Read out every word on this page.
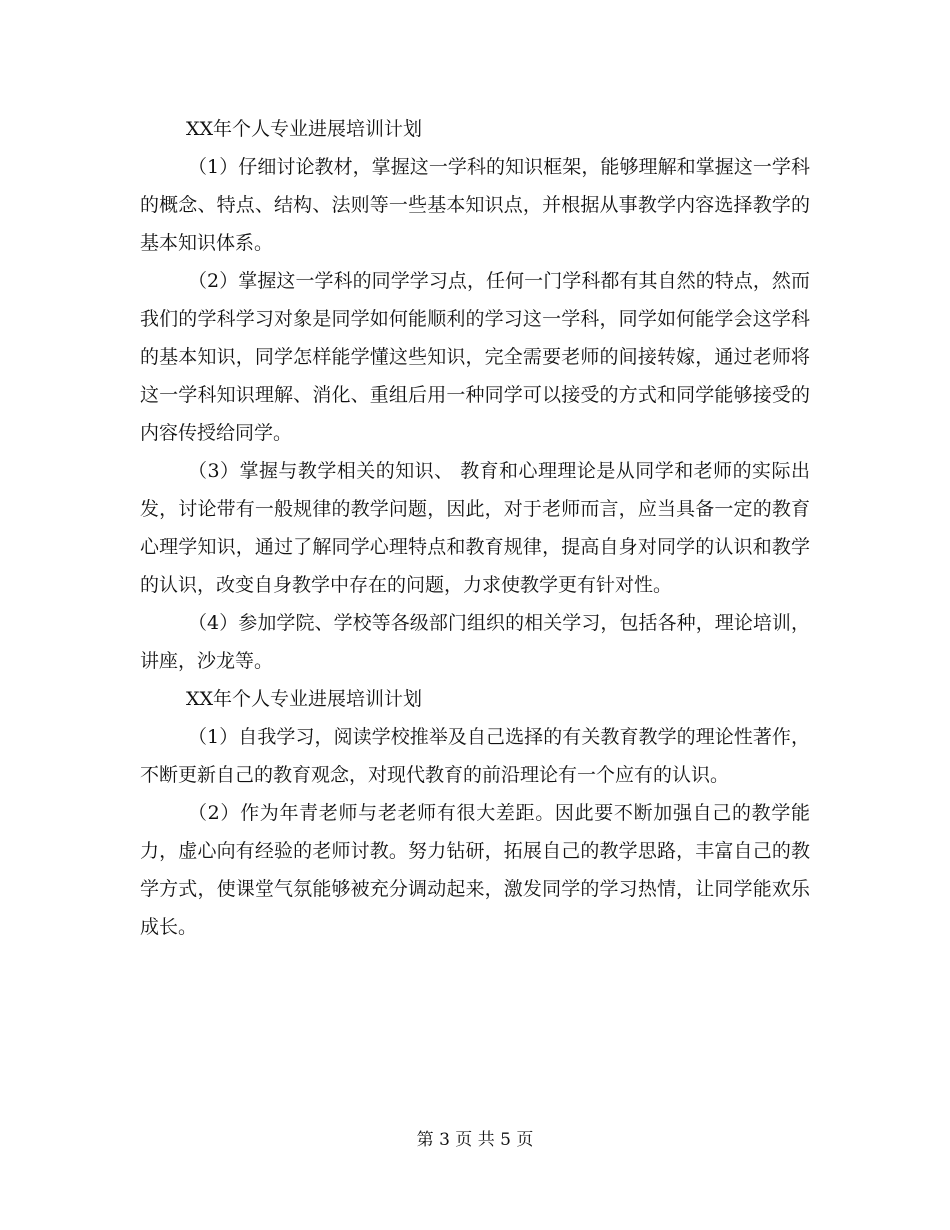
XX年个人专业进展培训计划

（1）仔细讨论教材，掌握这一学科的知识框架，能够理解和掌握这一学科的概念、特点、结构、法则等一些基本知识点，并根据从事教学内容选择教学的基本知识体系。

（2）掌握这一学科的同学学习点，任何一门学科都有其自然的特点，然而我们的学科学习对象是同学如何能顺利的学习这一学科，同学如何能学会这学科的基本知识，同学怎样能学懂这些知识，完全需要老师的间接转嫁，通过老师将这一学科知识理解、消化、重组后用一种同学可以接受的方式和同学能够接受的内容传授给同学。

（3）掌握与教学相关的知识、 教育和心理理论是从同学和老师的实际出发，讨论带有一般规律的教学问题，因此，对于老师而言，应当具备一定的教育心理学知识，通过了解同学心理特点和教育规律，提高自身对同学的认识和教学的认识，改变自身教学中存在的问题，力求使教学更有针对性。

（4）参加学院、学校等各级部门组织的相关学习，包括各种，理论培训，讲座，沙龙等。

XX年个人专业进展培训计划

（1）自我学习，阅读学校推举及自己选择的有关教育教学的理论性著作，不断更新自己的教育观念，对现代教育的前沿理论有一个应有的认识。

（2）作为年青老师与老老师有很大差距。因此要不断加强自己的教学能力，虚心向有经验的老师讨教。努力钻研，拓展自己的教学思路，丰富自己的教学方式，使课堂气氛能够被充分调动起来，激发同学的学习热情，让同学能欢乐成长。

第 3 页 共 5 页
